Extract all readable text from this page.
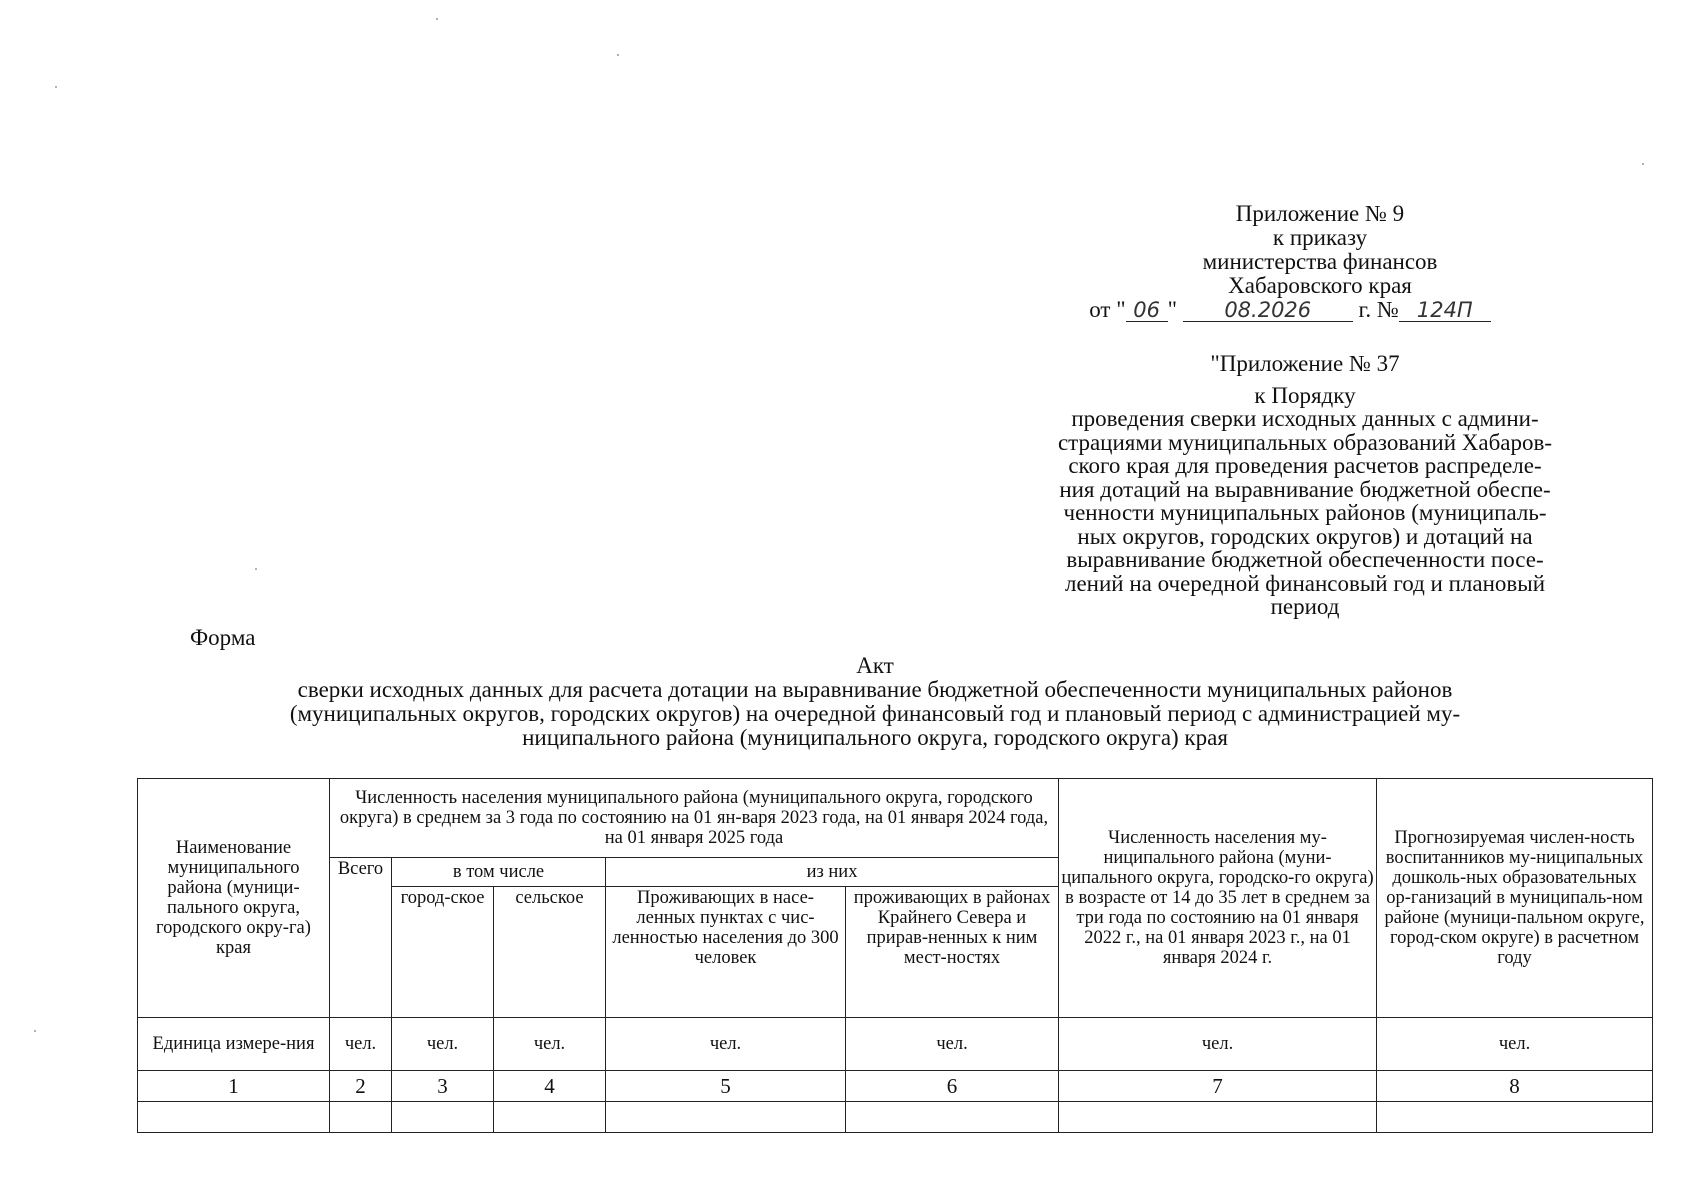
Приложение № 9
к приказу
министерства финансов
Хабаровского края
от " 06 " 08.2026 г. № 124П
"Приложение № 37
к Порядку
проведения сверки исходных данных с админи-
страциями муниципальных образований Хабаров-
ского края для проведения расчетов распределе-
ния дотаций на выравнивание бюджетной обеспе-
ченности муниципальных районов (муниципаль-
ных округов, городских округов) и дотаций на
выравнивание бюджетной обеспеченности посе-
лений на очередной финансовый год и плановый
период
Форма
Акт
сверки исходных данных для расчета дотации на выравнивание бюджетной обеспеченности муниципальных районов
(муниципальных округов, городских округов) на очередной финансовый год и плановый период с администрацией му-
ниципального района (муниципального округа, городского округа) края
Наименование муниципального района (муници-пального округа, городского окру-га) края	Численность населения муниципального района (муниципального округа, городского округа) в среднем за 3 года по состоянию на 01 ян-варя 2023 года, на 01 января 2024 года, на 01 января 2025 года					Численность населения му-ниципального района (муни-ципального округа, городско-го округа) в возрасте от 14 до 35 лет в среднем за три года по состоянию на 01 января 2022 г., на 01 января 2023 г., на 01 января 2024 г.	Прогнозируемая числен-ность воспитанников му-ниципальных дошколь-ных образовательных ор-ганизаций в муниципаль-ном районе (муници-пальном округе, город-ском округе) в расчетном году
	Всего	в том числе		из них			
		город-ское	сельское	Проживающих в насе-ленных пунктах с чис-ленностью населения до 300 человек	проживающих в районах Крайнего Севера и прирав-ненных к ним мест-ностях		
Единица измере-ния	чел.	чел.	чел.	чел.	чел.	чел.	чел.
1	2	3	4	5	6	7	8
